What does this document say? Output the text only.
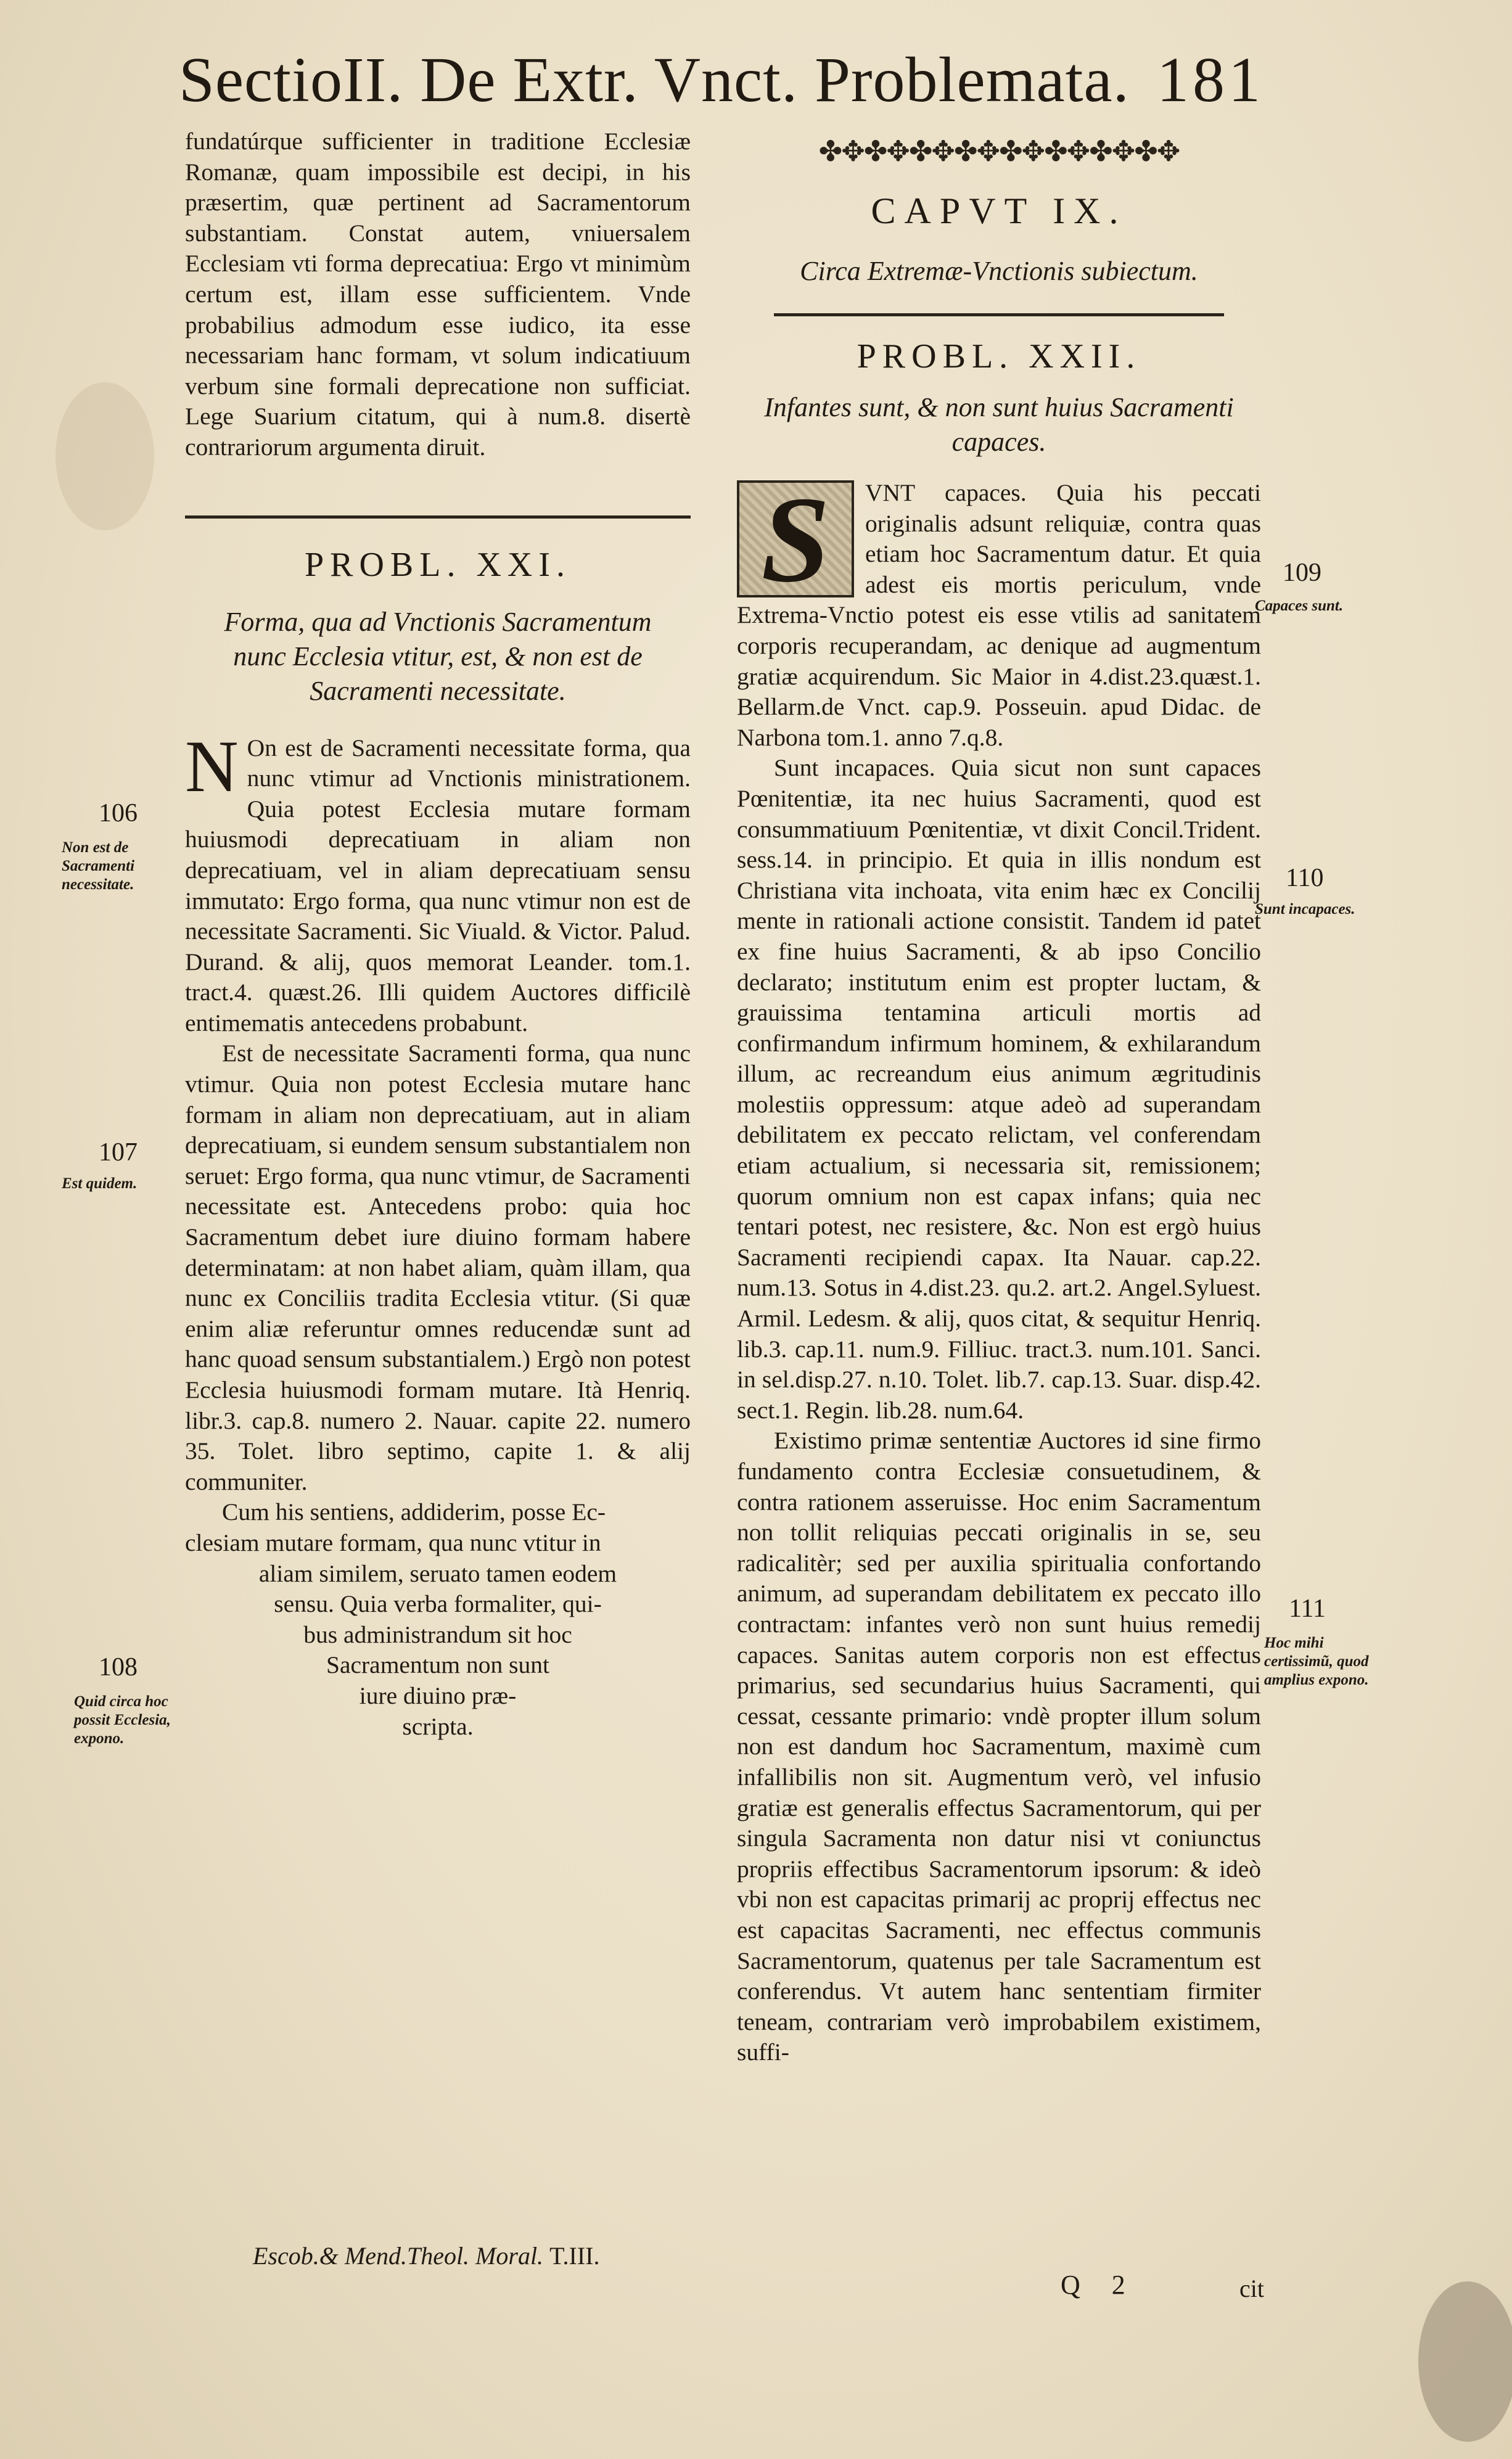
SectioII. De Extr. Vnct. Problemata. 181

fundatúrque sufficienter in traditione Ecclesiæ Romanæ, quam impossibile est decipi, in his præsertim, quæ pertinent ad Sacramentorum substantiam. Constat autem, vniuersalem Ecclesiam vti forma deprecatiua: Ergo vt minimùm certum est, illam esse sufficientem. Vnde probabilius admodum esse iudico, ita esse necessariam hanc formam, vt solum indicatiuum verbum sine formali deprecatione non sufficiat. Lege Suarium citatum, qui à num.8. disertè contrariorum argumenta diruit.

PROBL. XXI.
Forma, qua ad Vnctionis Sacramentum nunc Ecclesia vtitur, est, & non est de Sacramenti necessitate.
N On est de Sacramenti necessitate forma, qua nunc vtimur ad Vnctionis ministrationem. Quia potest Ecclesia mutare formam huiusmodi deprecatiuam in aliam non deprecatiuam, vel in aliam deprecatiuam sensu immutato: Ergo forma, qua nunc vtimur non est de necessitate Sacramenti. Sic Viuald. & Victor. Palud. Durand. & alij, quos memorat Leander. tom.1. tract.4. quæst.26. Illi quidem Auctores difficilè entimematis antecedens probabunt.

Est de necessitate Sacramenti forma, qua nunc vtimur. Quia non potest Ecclesia mutare hanc formam in aliam non deprecatiuam, aut in aliam deprecatiuam, si eundem sensum substantialem non seruet: Ergo forma, qua nunc vtimur, de Sacramenti necessitate est. Antecedens probo: quia hoc Sacramentum debet iure diuino formam habere determinatam: at non habet aliam, quàm illam, qua nunc ex Conciliis tradita Ecclesia vtitur. (Si quæ enim aliæ referuntur omnes reducendæ sunt ad hanc quoad sensum substantialem.) Ergò non potest Ecclesia huiusmodi formam mutare. Ità Henriq. libr.3. cap.8. numero 2. Nauar. capite 22. numero 35. Tolet. libro septimo, capite 1. & alij communiter.

Cum his sentiens, addiderim, posse Ec-
clesiam mutare formam, qua nunc vtitur in
aliam similem, seruato tamen eodem
sensu. Quia verba formaliter, qui-
bus administrandum sit hoc
Sacramentum non sunt
iure diuino præ-
scripta.
106
Non est de Sacramenti necessitate.
107
Est quidem.
108
Quid circa hoc possit Ecclesia, expono.
Escob.& Mend.Theol. Moral. T.III.
✤✥✤✥✤✥✤✥✤✥✤✥✤✥✤✥
CAPVT IX.
Circa Extremæ-Vnctionis subiectum.
PROBL. XXII.
Infantes sunt, & non sunt huius Sacramenti capaces.
S	VNT capaces. Quia his peccati originalis adsunt reliquiæ, contra quas etiam hoc Sacramentum datur. Et quia adest eis mortis periculum, vnde Extrema-Vnctio potest eis esse vtilis ad sanitatem corporis recuperandam, ac denique ad augmentum gratiæ acquirendum. Sic Maior in 4.dist.23.quæst.1. Bellarm.de Vnct. cap.9. Posseuin. apud Didac. de Narbona tom.1. anno 7.q.8.

Sunt incapaces. Quia sicut non sunt capaces Pœnitentiæ, ita nec huius Sacramenti, quod est consummatiuum Pœnitentiæ, vt dixit Concil.Trident. sess.14. in principio. Et quia in illis nondum est Christiana vita inchoata, vita enim hæc ex Concilij mente in rationali actione consistit. Tandem id patet ex fine huius Sacramenti, & ab ipso Concilio declarato; institutum enim est propter luctam, & grauissima tentamina articuli mortis ad confirmandum infirmum hominem, & exhilarandum illum, ac recreandum eius animum ægritudinis molestiis oppressum: atque adeò ad superandam debilitatem ex peccato relictam, vel conferendam etiam actualium, si necessaria sit, remissionem; quorum omnium non est capax infans; quia nec tentari potest, nec resistere, &c. Non est ergò huius Sacramenti recipiendi capax. Ita Nauar. cap.22. num.13. Sotus in 4.dist.23. qu.2. art.2. Angel.Syluest. Armil. Ledesm. & alij, quos citat, & sequitur Henriq. lib.3. cap.11. num.9. Filliuc. tract.3. num.101. Sanci. in sel.disp.27. n.10. Tolet. lib.7. cap.13. Suar. disp.42. sect.1. Regin. lib.28. num.64.

Existimo primæ sententiæ Auctores id sine firmo fundamento contra Ecclesiæ consuetudinem, & contra rationem asseruisse. Hoc enim Sacramentum non tollit reliquias peccati originalis in se, seu radicalitèr; sed per auxilia spiritualia confortando animum, ad superandam debilitatem ex peccato illo contractam: infantes verò non sunt huius remedij capaces. Sanitas autem corporis non est effectus primarius, sed secundarius huius Sacramenti, qui cessat, cessante primario: vndè propter illum solum non est dandum hoc Sacramentum, maximè cum infallibilis non sit. Augmentum verò, vel infusio gratiæ est generalis effectus Sacramentorum, qui per singula Sacramenta non datur nisi vt coniunctus propriis effectibus Sacramentorum ipsorum: & ideò vbi non est capacitas primarij ac proprij effectus nec est capacitas Sacramenti, nec effectus communis Sacramentorum, quatenus per tale Sacramentum est conferendus. Vt autem hanc sententiam firmiter teneam, contrariam verò improbabilem existimem, suffi-

109
Capaces sunt.
110
Sunt incapaces.
111
Hoc mihi certissimũ, quod amplius expono.
Q 2	cit
